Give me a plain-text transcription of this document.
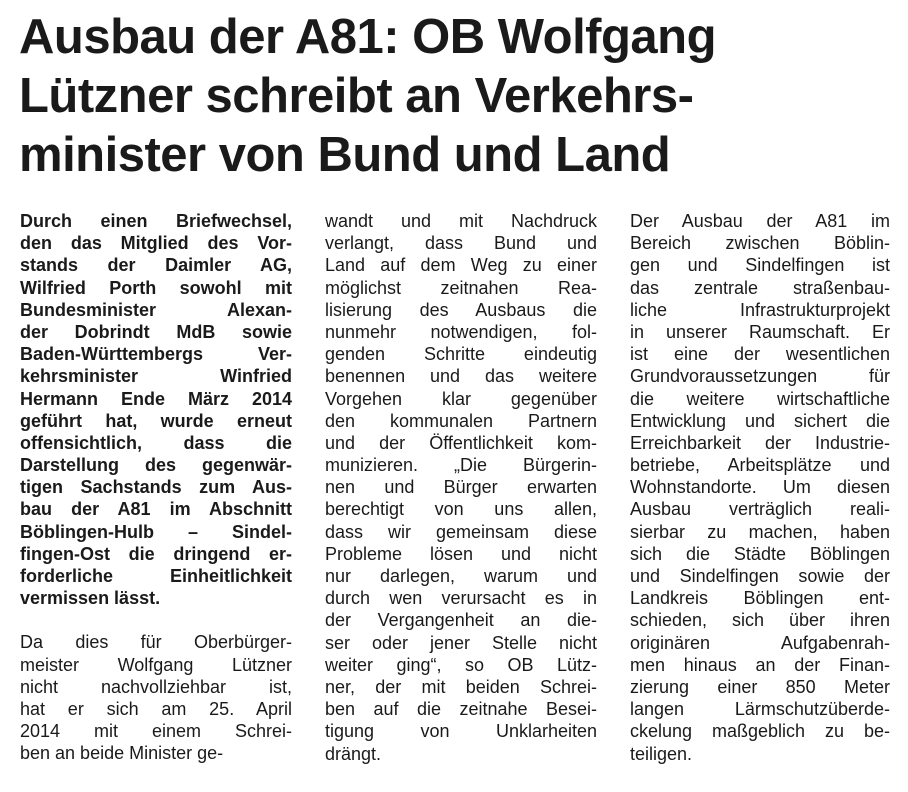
Ausbau der A81: OB Wolfgang
Lützner schreibt an Verkehrs-
minister von Bund und Land
Durch einen Briefwechsel,
den das Mitglied des Vor-
stands der Daimler AG,
Wilfried Porth sowohl mit
Bundesminister Alexan-
der Dobrindt MdB sowie
Baden-Württembergs Ver-
kehrsminister Winfried
Hermann Ende März 2014
geführt hat, wurde erneut
offensichtlich, dass die
Darstellung des gegenwär-
tigen Sachstands zum Aus-
bau der A81 im Abschnitt
Böblingen-Hulb – Sindel-
fingen-Ost die dringend er-
forderliche Einheitlichkeit
vermissen lässt.
Da dies für Oberbürger-
meister Wolfgang Lützner
nicht nachvollziehbar ist,
hat er sich am 25. April
2014 mit einem Schrei-
ben an beide Minister ge-
wandt und mit Nachdruck
verlangt, dass Bund und
Land auf dem Weg zu einer
möglichst zeitnahen Rea-
lisierung des Ausbaus die
nunmehr notwendigen, fol-
genden Schritte eindeutig
benennen und das weitere
Vorgehen klar gegenüber
den kommunalen Partnern
und der Öffentlichkeit kom-
munizieren. „Die Bürgerin-
nen und Bürger erwarten
berechtigt von uns allen,
dass wir gemeinsam diese
Probleme lösen und nicht
nur darlegen, warum und
durch wen verursacht es in
der Vergangenheit an die-
ser oder jener Stelle nicht
weiter ging“, so OB Lütz-
ner, der mit beiden Schrei-
ben auf die zeitnahe Besei-
tigung von Unklarheiten
drängt.
Der Ausbau der A81 im
Bereich zwischen Böblin-
gen und Sindelfingen ist
das zentrale straßenbau-
liche Infrastrukturprojekt
in unserer Raumschaft. Er
ist eine der wesentlichen
Grundvoraussetzungen für
die weitere wirtschaftliche
Entwicklung und sichert die
Erreichbarkeit der Industrie-
betriebe, Arbeitsplätze und
Wohnstandorte. Um diesen
Ausbau verträglich reali-
sierbar zu machen, haben
sich die Städte Böblingen
und Sindelfingen sowie der
Landkreis Böblingen ent-
schieden, sich über ihren
originären Aufgabenrah-
men hinaus an der Finan-
zierung einer 850 Meter
langen Lärmschutzüberde-
ckelung maßgeblich zu be-
teiligen.
